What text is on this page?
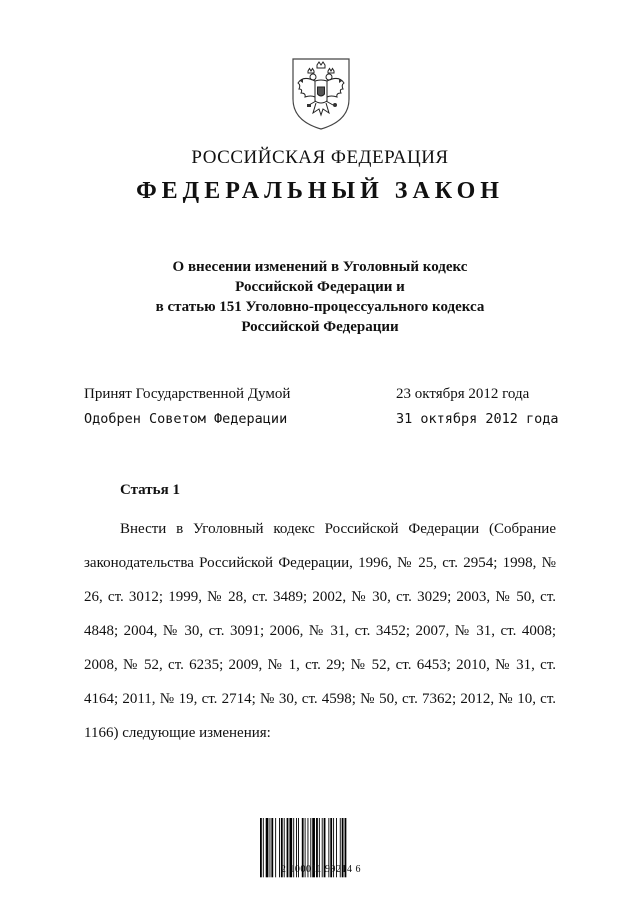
РОССИЙСКАЯ ФЕДЕРАЦИЯ
ФЕДЕРАЛЬНЫЙ ЗАКОН
О внесении изменений в Уголовный кодекс
Российской Федерации и
в статью 151 Уголовно-процессуального кодекса
Российской Федерации
Принят Государственной Думой	23 октября 2012 года
Одобрен Советом Федерации	31 октября 2012 года
Статья 1

Внести в Уголовный кодекс Российской Федерации (Собрание законодательства Российской Федерации, 1996, № 25, ст. 2954; 1998, № 26, ст. 3012; 1999, № 28, ст. 3489; 2002, № 30, ст. 3029; 2003, № 50, ст. 4848; 2004, № 30, ст. 3091; 2006, № 31, ст. 3452; 2007, № 31, ст. 4008; 2008, № 52, ст. 6235; 2009, № 1, ст. 29; № 52, ст. 6453; 2010, № 31, ст. 4164; 2011, № 19, ст. 2714; № 30, ст. 4598; № 50, ст. 7362; 2012, № 10, ст. 1166) следующие изменения:

2 100011 99214 6
